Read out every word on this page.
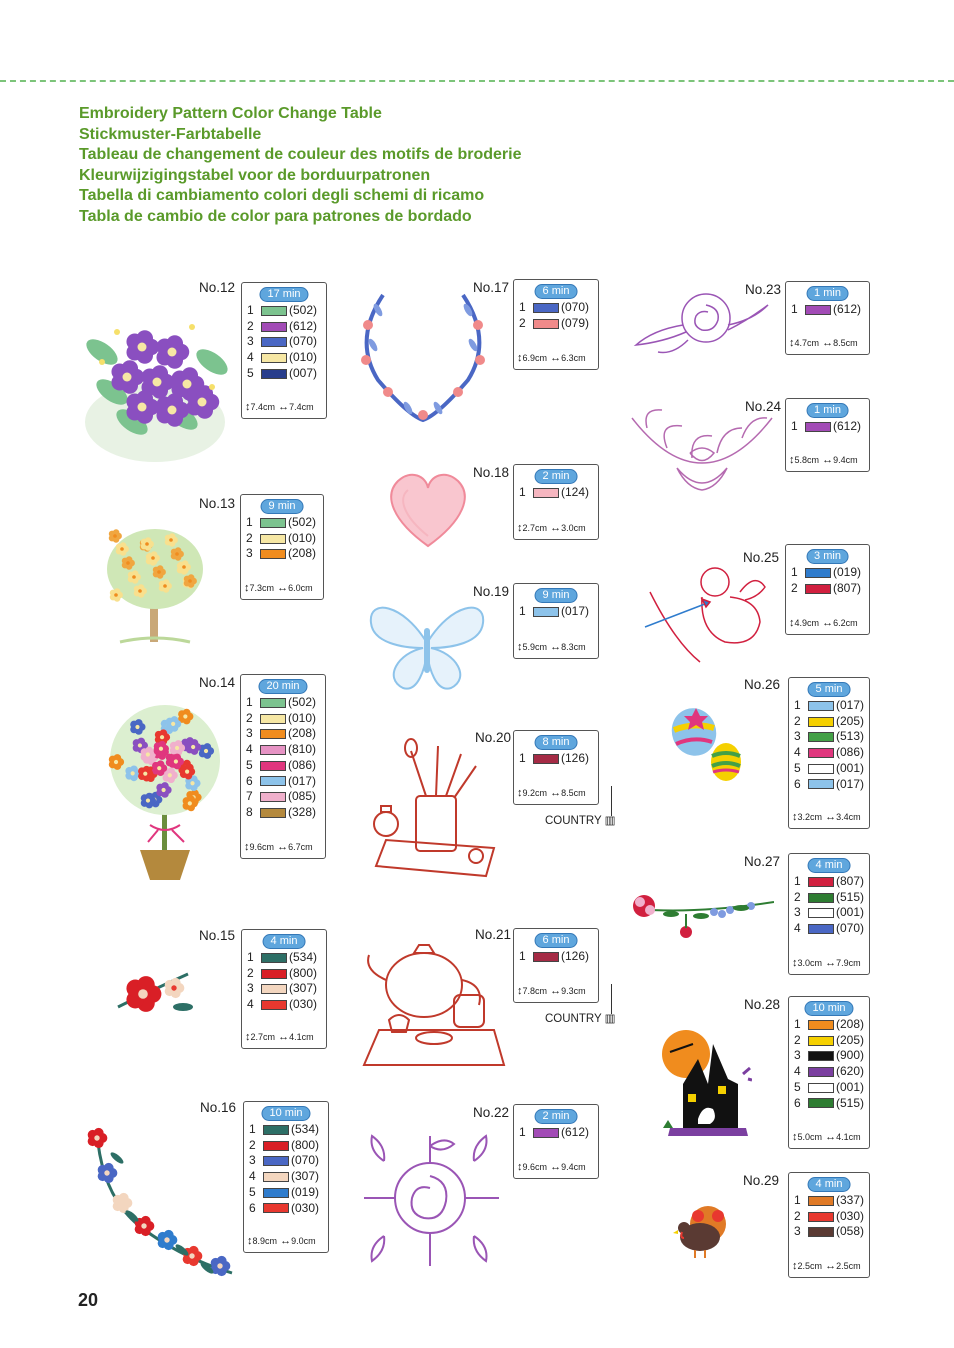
Embroidery Pattern Color Change Table
Stickmuster-Farbtabelle
Tableau de changement de couleur des motifs de broderie
Kleurwijzigingstabel voor de borduurpatronen
Tabella di cambiamento colori degli schemi di ricamo
Tabla de cambio de color para patrones de bordado
No.12	17 min
1	(502)
2	(612)
3	(070)
4	(010)
5	(007)
↕7.4cm ↔7.4cm
No.13	9 min
1	(502)
2	(010)
3	(208)
↕7.3cm ↔6.0cm
No.14	20 min
1	(502)
2	(010)
3	(208)
4	(810)
5	(086)
6	(017)
7	(085)
8	(328)
↕9.6cm ↔6.7cm
No.15	4 min
1	(534)
2	(800)
3	(307)
4	(030)
↕2.7cm ↔4.1cm
No.16	10 min
1	(534)
2	(800)
3	(070)
4	(307)
5	(019)
6	(030)
↕8.9cm ↔9.0cm
No.17	6 min
1	(070)
2	(079)
↕6.9cm ↔6.3cm
No.18	2 min
1	(124)
↕2.7cm ↔3.0cm
No.19	9 min
1	(017)
↕5.9cm ↔8.3cm
No.20	8 min
1	(126)
↕9.2cm ↔8.5cm
COUNTRY ▥
No.21	6 min
1	(126)
↕7.8cm ↔9.3cm
COUNTRY ▥
No.22	2 min
1	(612)
↕9.6cm ↔9.4cm
No.23	1 min
1	(612)
↕4.7cm ↔8.5cm
No.24	1 min
1	(612)
↕5.8cm ↔9.4cm
No.25	3 min
1	(019)
2	(807)
↕4.9cm ↔6.2cm
No.26	5 min
1	(017)
2	(205)
3	(513)
4	(086)
5	(001)
6	(017)
↕3.2cm ↔3.4cm
No.27	4 min
1	(807)
2	(515)
3	(001)
4	(070)
↕3.0cm ↔7.9cm
No.28	10 min
1	(208)
2	(205)
3	(900)
4	(620)
5	(001)
6	(515)
↕5.0cm ↔4.1cm
No.29	4 min
1	(337)
2	(030)
3	(058)
↕2.5cm ↔2.5cm
20
